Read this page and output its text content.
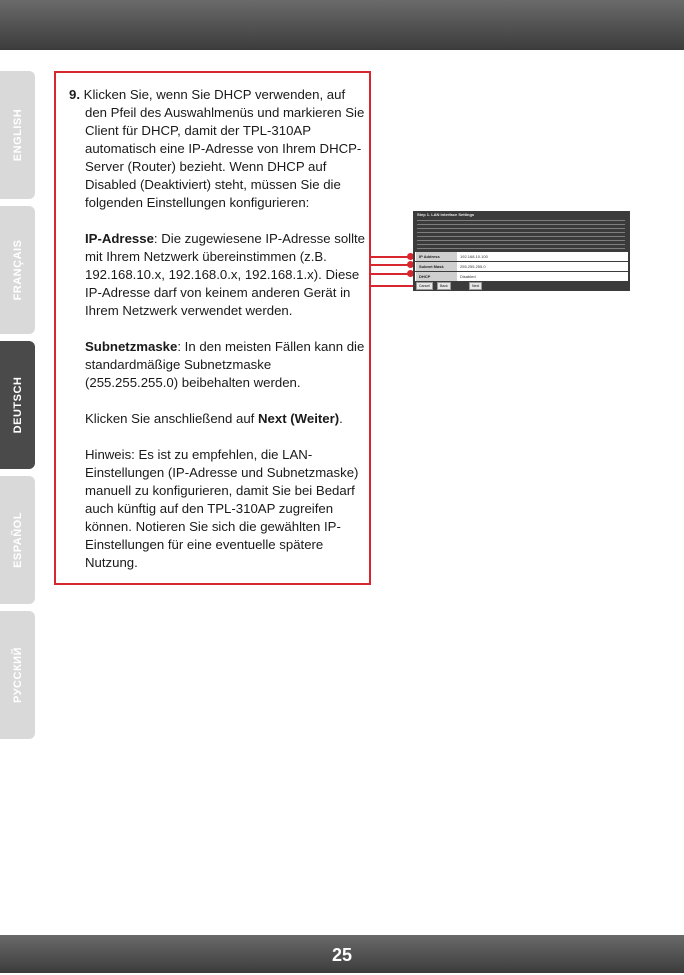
ENGLISH
FRANÇAIS
DEUTSCH
ESPAÑOL
РУССКИЙ

9. Klicken Sie, wenn Sie DHCP verwenden, auf den Pfeil des Auswahlmenüs und markieren Sie Client für DHCP, damit der TPL-310AP automatisch eine IP-Adresse von Ihrem DHCP-Server (Router) bezieht. Wenn DHCP auf Disabled (Deaktiviert) steht, müssen Sie die folgenden Einstellungen konfigurieren:

IP-Adresse: Die zugewiesene IP-Adresse sollte mit Ihrem Netzwerk übereinstimmen (z.B. 192.168.10.x, 192.168.0.x, 192.168.1.x). Diese IP-Adresse darf von keinem anderen Gerät in Ihrem Netzwerk verwendet werden.

Subnetzmaske: In den meisten Fällen kann die standardmäßige Subnetzmaske (255.255.255.0) beibehalten werden.

Klicken Sie anschließend auf Next (Weiter).

Hinweis: Es ist zu empfehlen, die LAN-Einstellungen (IP-Adresse und Subnetzmaske) manuell zu konfigurieren, damit Sie bei Bedarf auch künftig auf den TPL-310AP zugreifen können. Notieren Sie sich die gewählten IP-Einstellungen für eine eventuelle spätere Nutzung.

Step 1. LAN Interface Settings
IP Address	192.168.10.100
Subnet Mask	255.255.255.0
DHCP	Disabled
Cancel	Back	Next
25
